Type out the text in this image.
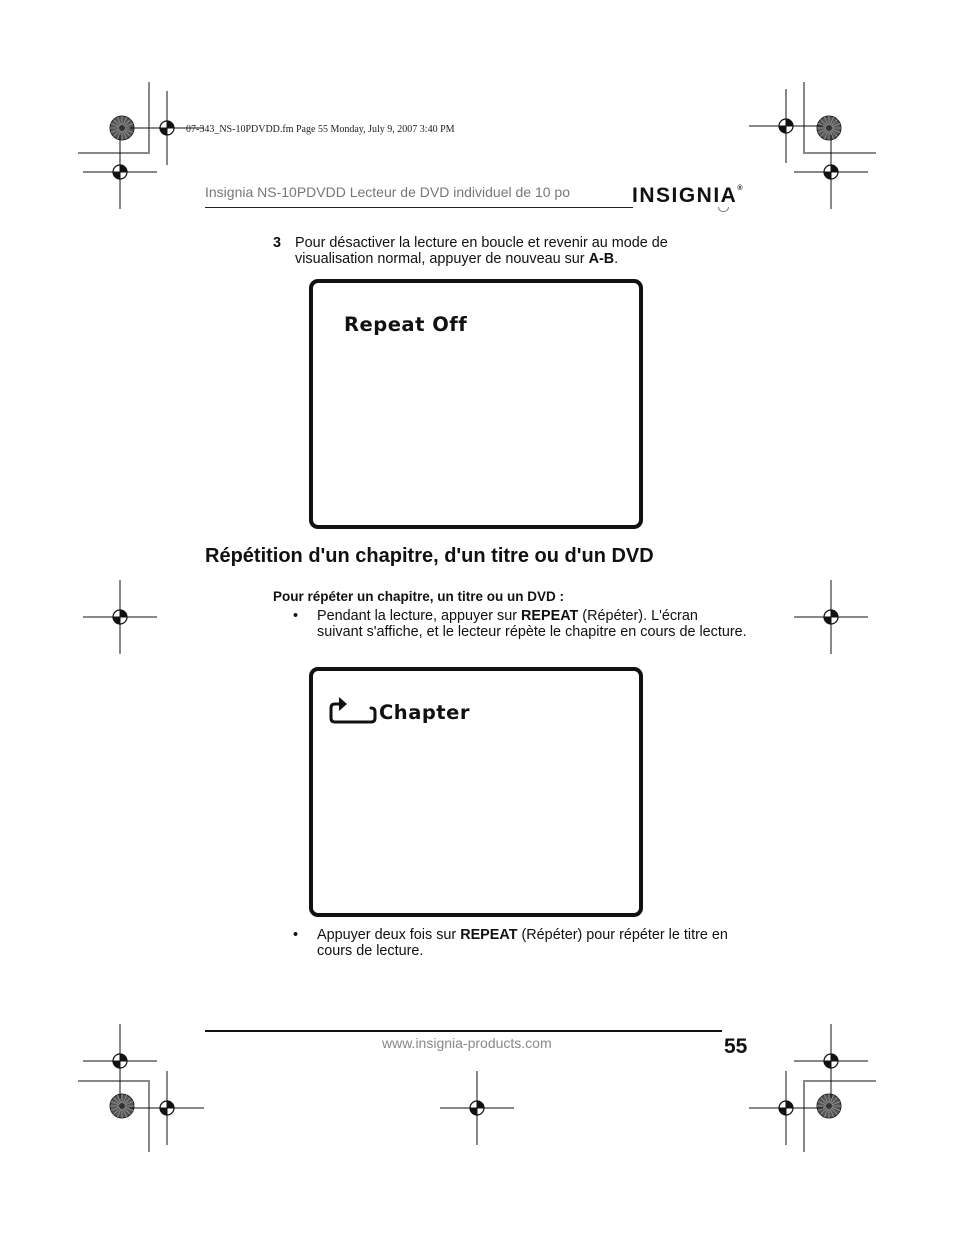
07-343_NS-10PDVDD.fm Page 55 Monday, July 9, 2007 3:40 PM
Insignia NS-10PDVDD Lecteur de DVD individuel de 10 po	INSIGNIA®
3 Pour désactiver la lecture en boucle et revenir au mode de visualisation normal, appuyer de nouveau sur A-B.
Repeat Off
Répétition d'un chapitre, d'un titre ou d'un DVD
Pour répéter un chapitre, un titre ou un DVD :
• Pendant la lecture, appuyer sur REPEAT (Répéter). L'écran suivant s'affiche, et le lecteur répète le chapitre en cours de lecture.
Chapter
• Appuyer deux fois sur REPEAT (Répéter) pour répéter le titre en cours de lecture.
www.insignia-products.com	55
